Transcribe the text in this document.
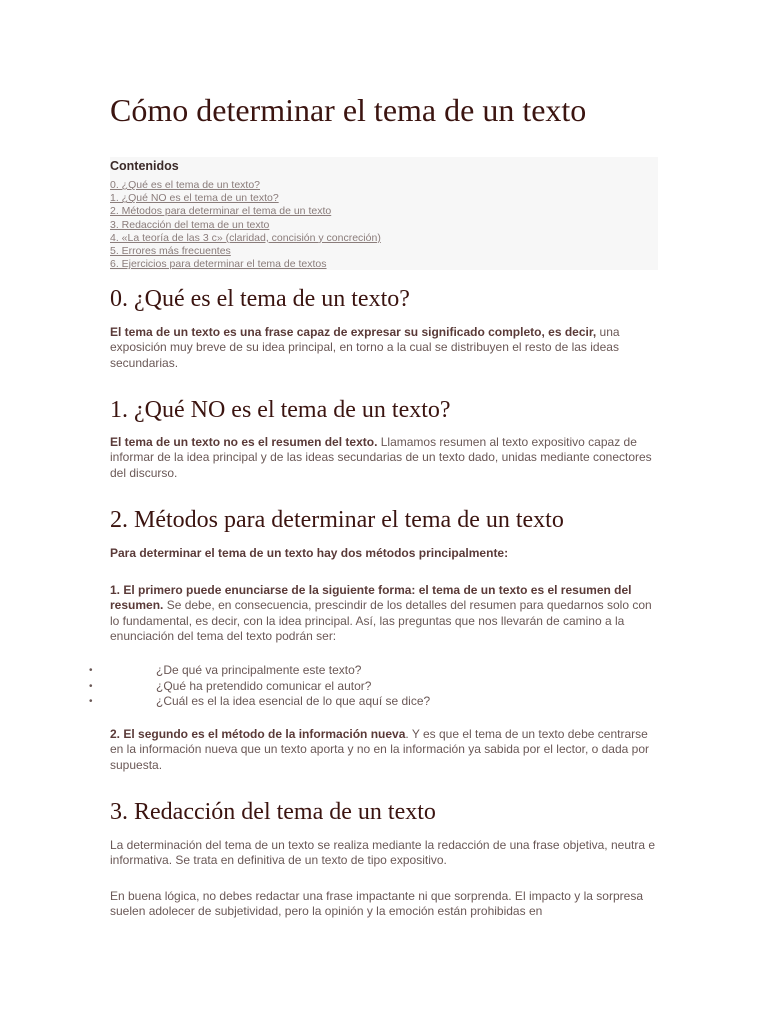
Cómo determinar el tema de un texto

Contenidos

0. ¿Qué es el tema de un texto?
1. ¿Qué NO es el tema de un texto?
2. Métodos para determinar el tema de un texto
3. Redacción del tema de un texto
4. «La teoría de las 3 c» (claridad, concisión y concreción)
5. Errores más frecuentes
6. Ejercicios para determinar el tema de textos
0. ¿Qué es el tema de un texto?

El tema de un texto es una frase capaz de expresar su significado completo, es decir, una exposición muy breve de su idea principal, en torno a la cual se distribuyen el resto de las ideas secundarias.

1. ¿Qué NO es el tema de un texto?

El tema de un texto no es el resumen del texto. Llamamos resumen al texto expositivo capaz de informar de la idea principal y de las ideas secundarias de un texto dado, unidas mediante conectores del discurso.

2. Métodos para determinar el tema de un texto

Para determinar el tema de un texto hay dos métodos principalmente:

1. El primero puede enunciarse de la siguiente forma: el tema de un texto es el resumen del resumen. Se debe, en consecuencia, prescindir de los detalles del resumen para quedarnos solo con lo fundamental, es decir, con la idea principal. Así, las preguntas que nos llevarán de camino a la enunciación del tema del texto podrán ser:

•	¿De qué va principalmente este texto?
•	¿Qué ha pretendido comunicar el autor?
•	¿Cuál es el la idea esencial de lo que aquí se dice?

2. El segundo es el método de la información nueva. Y es que el tema de un texto debe centrarse en la información nueva que un texto aporta y no en la información ya sabida por el lector, o dada por supuesta.

3. Redacción del tema de un texto

La determinación del tema de un texto se realiza mediante la redacción de una frase objetiva, neutra e informativa. Se trata en definitiva de un texto de tipo expositivo.

En buena lógica, no debes redactar una frase impactante ni que sorprenda. El impacto y la sorpresa suelen adolecer de subjetividad, pero la opinión y la emoción están prohibidas en
